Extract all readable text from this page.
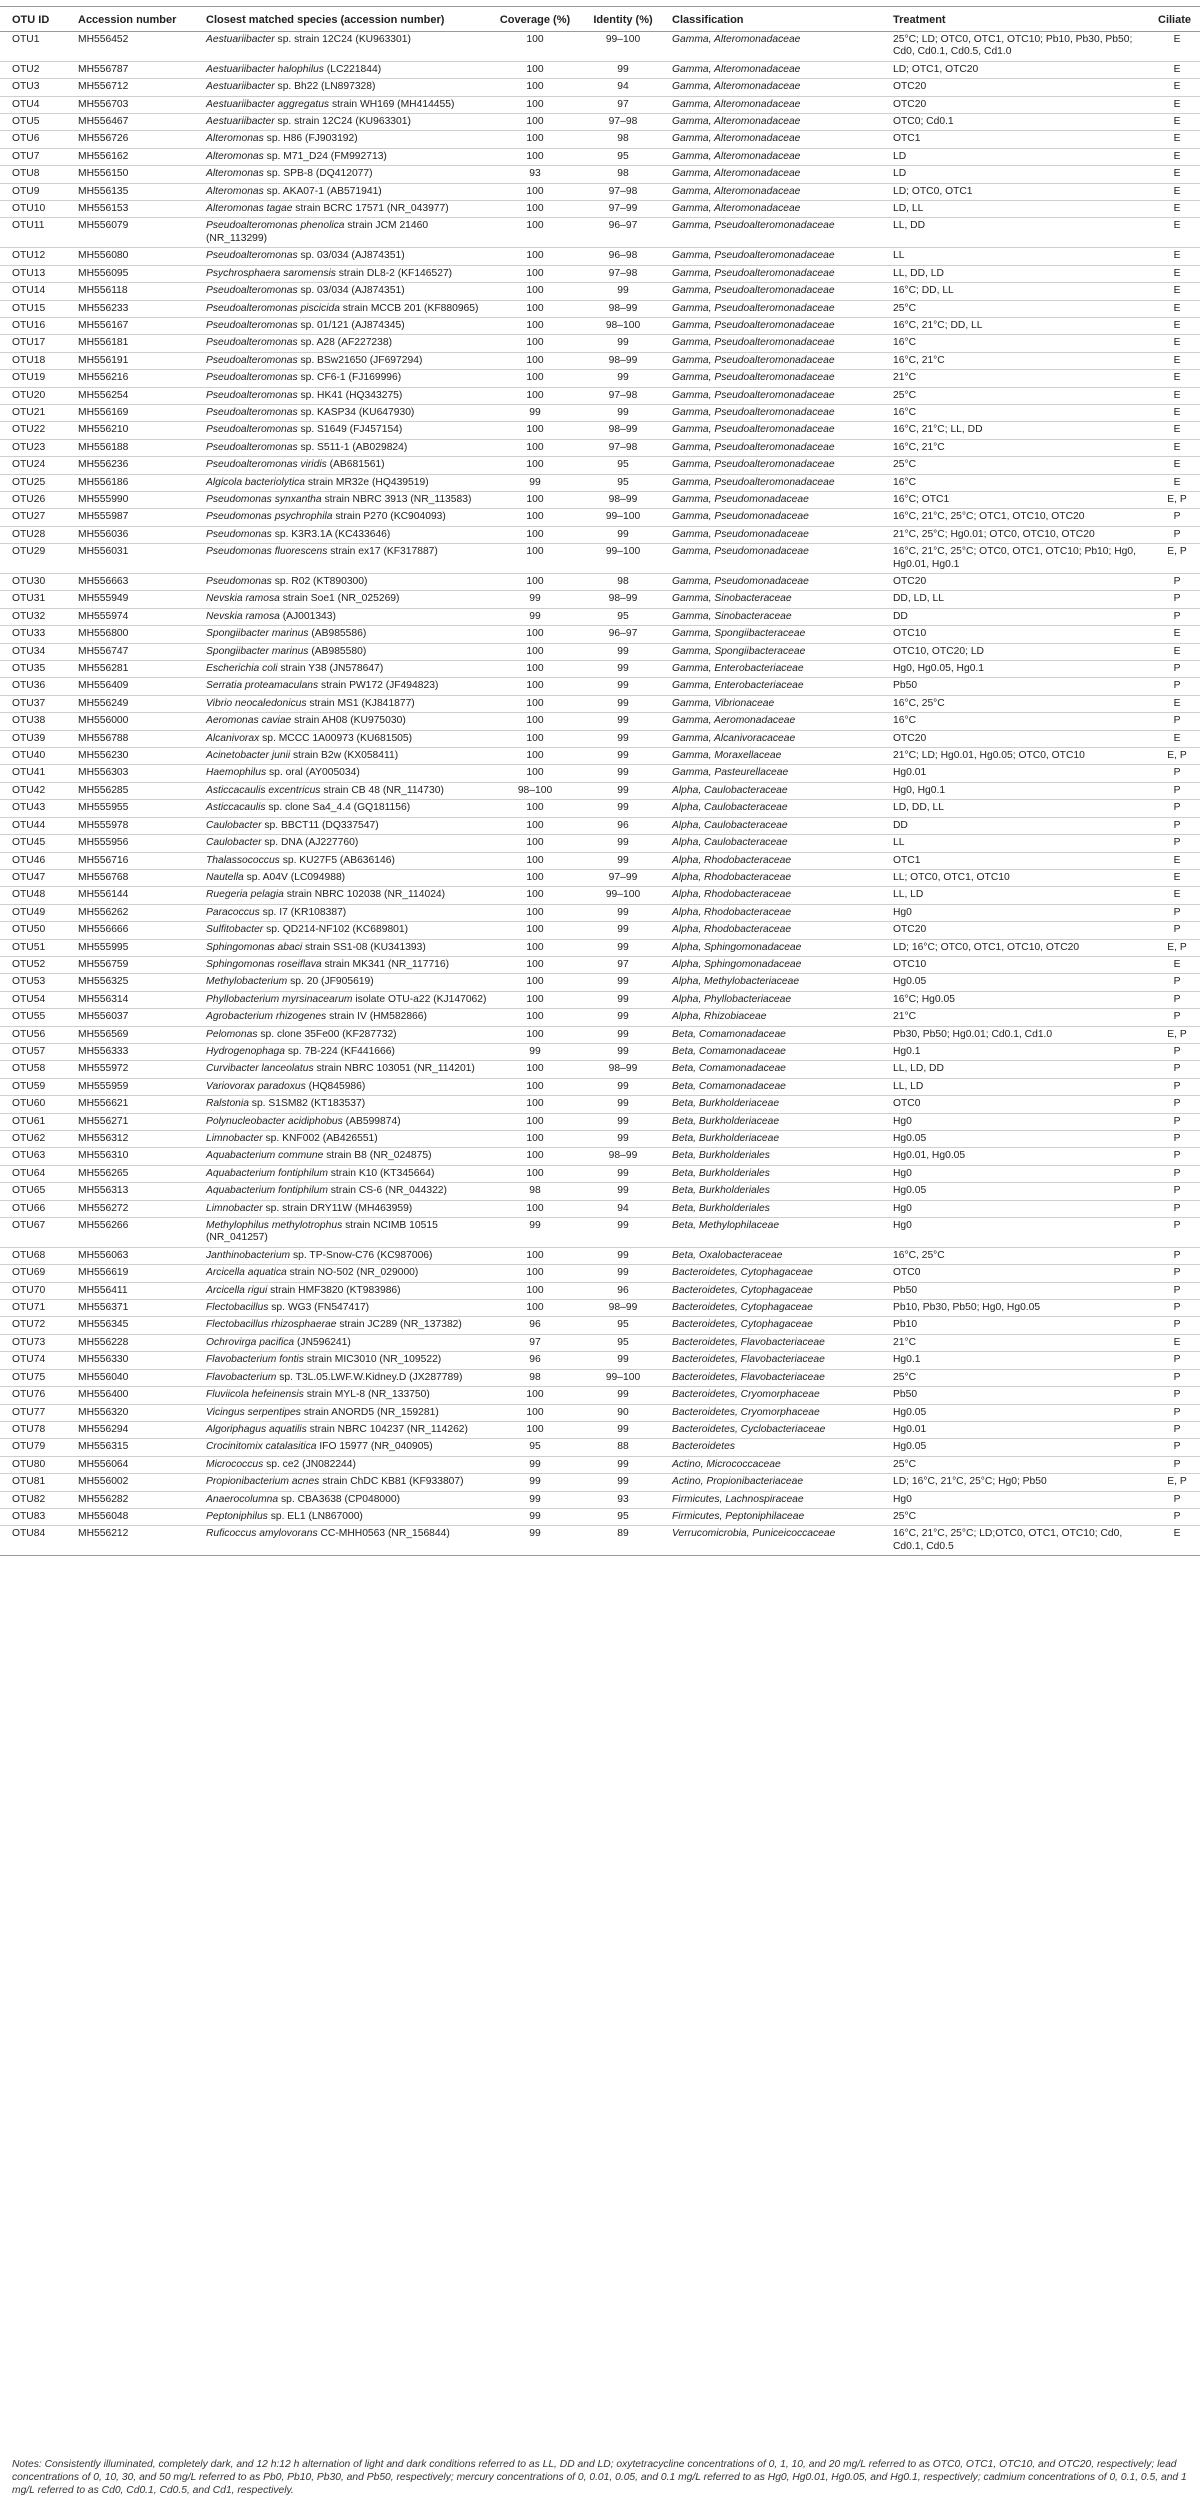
OTU ID	Accession number	Closest matched species (accession number)	Coverage (%)	Identity (%)	Classification	Treatment	Ciliate
OTU1	MH556452	Aestuariibacter sp. strain 12C24 (KU963301)	100	99–100	Gamma, Alteromonadaceae	25°C; LD; OTC0, OTC1, OTC10; Pb10, Pb30, Pb50; Cd0, Cd0.1, Cd0.5, Cd1.0	E
OTU2	MH556787	Aestuariibacter halophilus (LC221844)	100	99	Gamma, Alteromonadaceae	LD; OTC1, OTC20	E
OTU3	MH556712	Aestuariibacter sp. Bh22 (LN897328)	100	94	Gamma, Alteromonadaceae	OTC20	E
OTU4	MH556703	Aestuariibacter aggregatus strain WH169 (MH414455)	100	97	Gamma, Alteromonadaceae	OTC20	E
OTU5	MH556467	Aestuariibacter sp. strain 12C24 (KU963301)	100	97–98	Gamma, Alteromonadaceae	OTC0; Cd0.1	E
OTU6	MH556726	Alteromonas sp. H86 (FJ903192)	100	98	Gamma, Alteromonadaceae	OTC1	E
OTU7	MH556162	Alteromonas sp. M71_D24 (FM992713)	100	95	Gamma, Alteromonadaceae	LD	E
OTU8	MH556150	Alteromonas sp. SPB-8 (DQ412077)	93	98	Gamma, Alteromonadaceae	LD	E
OTU9	MH556135	Alteromonas sp. AKA07-1 (AB571941)	100	97–98	Gamma, Alteromonadaceae	LD; OTC0, OTC1	E
OTU10	MH556153	Alteromonas tagae strain BCRC 17571 (NR_043977)	100	97–99	Gamma, Alteromonadaceae	LD, LL	E
OTU11	MH556079	Pseudoalteromonas phenolica strain JCM 21460 (NR_113299)	100	96–97	Gamma, Pseudoalteromonadaceae	LL, DD	E
OTU12	MH556080	Pseudoalteromonas sp. 03/034 (AJ874351)	100	96–98	Gamma, Pseudoalteromonadaceae	LL	E
OTU13	MH556095	Psychrosphaera saromensis strain DL8-2 (KF146527)	100	97–98	Gamma, Pseudoalteromonadaceae	LL, DD, LD	E
OTU14	MH556118	Pseudoalteromonas sp. 03/034 (AJ874351)	100	99	Gamma, Pseudoalteromonadaceae	16°C; DD, LL	E
OTU15	MH556233	Pseudoalteromonas piscicida strain MCCB 201 (KF880965)	100	98–99	Gamma, Pseudoalteromonadaceae	25°C	E
OTU16	MH556167	Pseudoalteromonas sp. 01/121 (AJ874345)	100	98–100	Gamma, Pseudoalteromonadaceae	16°C, 21°C; DD, LL	E
OTU17	MH556181	Pseudoalteromonas sp. A28 (AF227238)	100	99	Gamma, Pseudoalteromonadaceae	16°C	E
OTU18	MH556191	Pseudoalteromonas sp. BSw21650 (JF697294)	100	98–99	Gamma, Pseudoalteromonadaceae	16°C, 21°C	E
OTU19	MH556216	Pseudoalteromonas sp. CF6-1 (FJ169996)	100	99	Gamma, Pseudoalteromonadaceae	21°C	E
OTU20	MH556254	Pseudoalteromonas sp. HK41 (HQ343275)	100	97–98	Gamma, Pseudoalteromonadaceae	25°C	E
OTU21	MH556169	Pseudoalteromonas sp. KASP34 (KU647930)	99	99	Gamma, Pseudoalteromonadaceae	16°C	E
OTU22	MH556210	Pseudoalteromonas sp. S1649 (FJ457154)	100	98–99	Gamma, Pseudoalteromonadaceae	16°C, 21°C; LL, DD	E
OTU23	MH556188	Pseudoalteromonas sp. S511-1 (AB029824)	100	97–98	Gamma, Pseudoalteromonadaceae	16°C, 21°C	E
OTU24	MH556236	Pseudoalteromonas viridis (AB681561)	100	95	Gamma, Pseudoalteromonadaceae	25°C	E
OTU25	MH556186	Algicola bacteriolytica strain MR32e (HQ439519)	99	95	Gamma, Pseudoalteromonadaceae	16°C	E
OTU26	MH555990	Pseudomonas synxantha strain NBRC 3913 (NR_113583)	100	98–99	Gamma, Pseudomonadaceae	16°C; OTC1	E, P
OTU27	MH555987	Pseudomonas psychrophila strain P270 (KC904093)	100	99–100	Gamma, Pseudomonadaceae	16°C, 21°C, 25°C; OTC1, OTC10, OTC20	P
OTU28	MH556036	Pseudomonas sp. K3R3.1A (KC433646)	100	99	Gamma, Pseudomonadaceae	21°C, 25°C; Hg0.01; OTC0, OTC10, OTC20	P
OTU29	MH556031	Pseudomonas fluorescens strain ex17 (KF317887)	100	99–100	Gamma, Pseudomonadaceae	16°C, 21°C, 25°C; OTC0, OTC1, OTC10; Pb10; Hg0, Hg0.01, Hg0.1	E, P
OTU30	MH556663	Pseudomonas sp. R02 (KT890300)	100	98	Gamma, Pseudomonadaceae	OTC20	P
OTU31	MH555949	Nevskia ramosa strain Soe1 (NR_025269)	99	98–99	Gamma, Sinobacteraceae	DD, LD, LL	P
OTU32	MH555974	Nevskia ramosa (AJ001343)	99	95	Gamma, Sinobacteraceae	DD	P
OTU33	MH556800	Spongiibacter marinus (AB985586)	100	96–97	Gamma, Spongiibacteraceae	OTC10	E
OTU34	MH556747	Spongiibacter marinus (AB985580)	100	99	Gamma, Spongiibacteraceae	OTC10, OTC20; LD	E
OTU35	MH556281	Escherichia coli strain Y38 (JN578647)	100	99	Gamma, Enterobacteriaceae	Hg0, Hg0.05, Hg0.1	P
OTU36	MH556409	Serratia proteamaculans strain PW172 (JF494823)	100	99	Gamma, Enterobacteriaceae	Pb50	P
OTU37	MH556249	Vibrio neocaledonicus strain MS1 (KJ841877)	100	99	Gamma, Vibrionaceae	16°C, 25°C	E
OTU38	MH556000	Aeromonas caviae strain AH08 (KU975030)	100	99	Gamma, Aeromonadaceae	16°C	P
OTU39	MH556788	Alcanivorax sp. MCCC 1A00973 (KU681505)	100	99	Gamma, Alcanivoracaceae	OTC20	E
OTU40	MH556230	Acinetobacter junii strain B2w (KX058411)	100	99	Gamma, Moraxellaceae	21°C; LD; Hg0.01, Hg0.05; OTC0, OTC10	E, P
OTU41	MH556303	Haemophilus sp. oral (AY005034)	100	99	Gamma, Pasteurellaceae	Hg0.01	P
OTU42	MH556285	Asticcacaulis excentricus strain CB 48 (NR_114730)	98–100	99	Alpha, Caulobacteraceae	Hg0, Hg0.1	P
OTU43	MH555955	Asticcacaulis sp. clone Sa4_4.4 (GQ181156)	100	99	Alpha, Caulobacteraceae	LD, DD, LL	P
OTU44	MH555978	Caulobacter sp. BBCT11 (DQ337547)	100	96	Alpha, Caulobacteraceae	DD	P
OTU45	MH555956	Caulobacter sp. DNA (AJ227760)	100	99	Alpha, Caulobacteraceae	LL	P
OTU46	MH556716	Thalassococcus sp. KU27F5 (AB636146)	100	99	Alpha, Rhodobacteraceae	OTC1	E
OTU47	MH556768	Nautella sp. A04V (LC094988)	100	97–99	Alpha, Rhodobacteraceae	LL; OTC0, OTC1, OTC10	E
OTU48	MH556144	Ruegeria pelagia strain NBRC 102038 (NR_114024)	100	99–100	Alpha, Rhodobacteraceae	LL, LD	E
OTU49	MH556262	Paracoccus sp. I7 (KR108387)	100	99	Alpha, Rhodobacteraceae	Hg0	P
OTU50	MH556666	Sulfitobacter sp. QD214-NF102 (KC689801)	100	99	Alpha, Rhodobacteraceae	OTC20	P
OTU51	MH555995	Sphingomonas abaci strain SS1-08 (KU341393)	100	99	Alpha, Sphingomonadaceae	LD; 16°C; OTC0, OTC1, OTC10, OTC20	E, P
OTU52	MH556759	Sphingomonas roseiflava strain MK341 (NR_117716)	100	97	Alpha, Sphingomonadaceae	OTC10	E
OTU53	MH556325	Methylobacterium sp. 20 (JF905619)	100	99	Alpha, Methylobacteriaceae	Hg0.05	P
OTU54	MH556314	Phyllobacterium myrsinacearum isolate OTU-a22 (KJ147062)	100	99	Alpha, Phyllobacteriaceae	16°C; Hg0.05	P
OTU55	MH556037	Agrobacterium rhizogenes strain IV (HM582866)	100	99	Alpha, Rhizobiaceae	21°C	P
OTU56	MH556569	Pelomonas sp. clone 35Fe00 (KF287732)	100	99	Beta, Comamonadaceae	Pb30, Pb50; Hg0.01; Cd0.1, Cd1.0	E, P
OTU57	MH556333	Hydrogenophaga sp. 7B-224 (KF441666)	99	99	Beta, Comamonadaceae	Hg0.1	P
OTU58	MH555972	Curvibacter lanceolatus strain NBRC 103051 (NR_114201)	100	98–99	Beta, Comamonadaceae	LL, LD, DD	P
OTU59	MH555959	Variovorax paradoxus (HQ845986)	100	99	Beta, Comamonadaceae	LL, LD	P
OTU60	MH556621	Ralstonia sp. S1SM82 (KT183537)	100	99	Beta, Burkholderiaceae	OTC0	P
OTU61	MH556271	Polynucleobacter acidiphobus (AB599874)	100	99	Beta, Burkholderiaceae	Hg0	P
OTU62	MH556312	Limnobacter sp. KNF002 (AB426551)	100	99	Beta, Burkholderiaceae	Hg0.05	P
OTU63	MH556310	Aquabacterium commune strain B8 (NR_024875)	100	98–99	Beta, Burkholderiales	Hg0.01, Hg0.05	P
OTU64	MH556265	Aquabacterium fontiphilum strain K10 (KT345664)	100	99	Beta, Burkholderiales	Hg0	P
OTU65	MH556313	Aquabacterium fontiphilum strain CS-6 (NR_044322)	98	99	Beta, Burkholderiales	Hg0.05	P
OTU66	MH556272	Limnobacter sp. strain DRY11W (MH463959)	100	94	Beta, Burkholderiales	Hg0	P
OTU67	MH556266	Methylophilus methylotrophus strain NCIMB 10515 (NR_041257)	99	99	Beta, Methylophilaceae	Hg0	P
OTU68	MH556063	Janthinobacterium sp. TP-Snow-C76 (KC987006)	100	99	Beta, Oxalobacteraceae	16°C, 25°C	P
OTU69	MH556619	Arcicella aquatica strain NO-502 (NR_029000)	100	99	Bacteroidetes, Cytophagaceae	OTC0	P
OTU70	MH556411	Arcicella rigui strain HMF3820 (KT983986)	100	96	Bacteroidetes, Cytophagaceae	Pb50	P
OTU71	MH556371	Flectobacillus sp. WG3 (FN547417)	100	98–99	Bacteroidetes, Cytophagaceae	Pb10, Pb30, Pb50; Hg0, Hg0.05	P
OTU72	MH556345	Flectobacillus rhizosphaerae strain JC289 (NR_137382)	96	95	Bacteroidetes, Cytophagaceae	Pb10	P
OTU73	MH556228	Ochrovirga pacifica (JN596241)	97	95	Bacteroidetes, Flavobacteriaceae	21°C	E
OTU74	MH556330	Flavobacterium fontis strain MIC3010 (NR_109522)	96	99	Bacteroidetes, Flavobacteriaceae	Hg0.1	P
OTU75	MH556040	Flavobacterium sp. T3L.05.LWF.W.Kidney.D (JX287789)	98	99–100	Bacteroidetes, Flavobacteriaceae	25°C	P
OTU76	MH556400	Fluviicola hefeinensis strain MYL-8 (NR_133750)	100	99	Bacteroidetes, Cryomorphaceae	Pb50	P
OTU77	MH556320	Vicingus serpentipes strain ANORD5 (NR_159281)	100	90	Bacteroidetes, Cryomorphaceae	Hg0.05	P
OTU78	MH556294	Algoriphagus aquatilis strain NBRC 104237 (NR_114262)	100	99	Bacteroidetes, Cyclobacteriaceae	Hg0.01	P
OTU79	MH556315	Crocinitomix catalasitica IFO 15977 (NR_040905)	95	88	Bacteroidetes	Hg0.05	P
OTU80	MH556064	Micrococcus sp. ce2 (JN082244)	99	99	Actino, Micrococcaceae	25°C	P
OTU81	MH556002	Propionibacterium acnes strain ChDC KB81 (KF933807)	99	99	Actino, Propionibacteriaceae	LD; 16°C, 21°C, 25°C; Hg0; Pb50	E, P
OTU82	MH556282	Anaerocolumna sp. CBA3638 (CP048000)	99	93	Firmicutes, Lachnospiraceae	Hg0	P
OTU83	MH556048	Peptoniphilus sp. EL1 (LN867000)	99	95	Firmicutes, Peptoniphilaceae	25°C	P
OTU84	MH556212	Ruficoccus amylovorans CC-MHH0563 (NR_156844)	99	89	Verrucomicrobia, Puniceicoccaceae	16°C, 21°C, 25°C; LD;OTC0, OTC1, OTC10; Cd0, Cd0.1, Cd0.5	E
Notes: Consistently illuminated, completely dark, and 12 h:12 h alternation of light and dark conditions referred to as LL, DD and LD; oxytetracycline concentrations of 0, 1, 10, and 20 mg/L referred to as OTC0, OTC1, OTC10, and OTC20, respectively; lead concentrations of 0, 10, 30, and 50 mg/L referred to as Pb0, Pb10, Pb30, and Pb50, respectively; mercury concentrations of 0, 0.01, 0.05, and 0.1 mg/L referred to as Hg0, Hg0.01, Hg0.05, and Hg0.1, respectively; cadmium concentrations of 0, 0.1, 0.5, and 1 mg/L referred to as Cd0, Cd0.1, Cd0.5, and Cd1, respectively.
